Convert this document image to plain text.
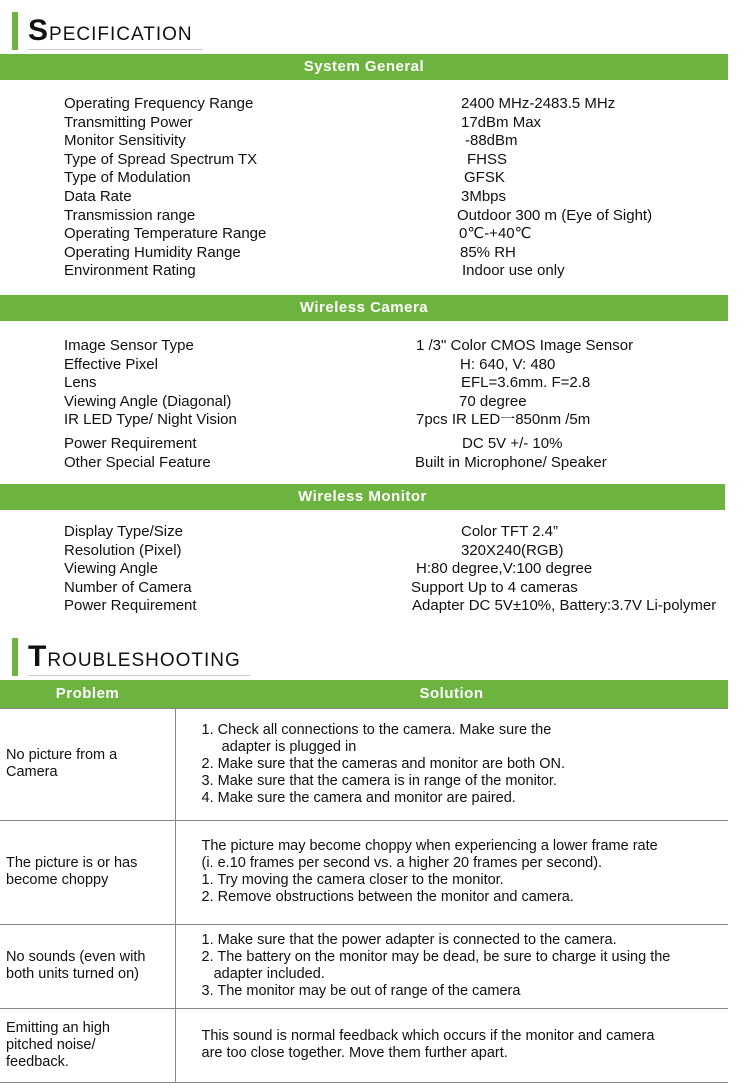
SPECIFICATION
System General
Operating Frequency Range	2400 MHz-2483.5 MHz
Transmitting Power	17dBm Max
Monitor Sensitivity	-88dBm
Type of Spread Spectrum TX	FHSS
Type of Modulation	GFSK
Data Rate	3Mbps
Transmission range	Outdoor 300 m (Eye of Sight)
Operating Temperature Range	0℃-+40℃
Operating Humidity Range	85% RH
Environment Rating	Indoor use only
Wireless Camera
Image Sensor Type	1 /3" Color CMOS Image Sensor
Effective Pixel	H: 640, V: 480
Lens	EFL=3.6mm. F=2.8
Viewing Angle (Diagonal)	70 degree
IR LED Type/ Night Vision	7pcs IR LED一850nm /5m
Power Requirement	DC 5V +/- 10%
Other Special Feature	Built in Microphone/ Speaker
Wireless Monitor
Display Type/Size	Color TFT 2.4”
Resolution (Pixel)	320X240(RGB)
Viewing Angle	H:80 degree,V:100 degree
Number of Camera	Support Up to 4 cameras
Power Requirement	Adapter DC 5V±10%, Battery:3.7V Li-polymer
TROUBLESHOOTING
Problem	Solution

No picture from a
Camera	1. Check all connections to the camera. Make sure the
adapter is plugged in
2. Make sure that the cameras and monitor are both ON.
3. Make sure that the camera is in range of the monitor.
4. Make sure the camera and monitor are paired.

The picture is or has
become choppy	The picture may become choppy when experiencing a lower frame rate
(i. e.10 frames per second vs. a higher 20 frames per second).
1. Try moving the camera closer to the monitor.
2. Remove obstructions between the monitor and camera.

No sounds (even with
both units turned on)	1. Make sure that the power adapter is connected to the camera.
2. The battery on the monitor may be dead, be sure to charge it using the
adapter included.
3. The monitor may be out of range of the camera

Emitting an high
pitched noise/
feedback.	This sound is normal feedback which occurs if the monitor and camera
are too close together. Move them further apart.
